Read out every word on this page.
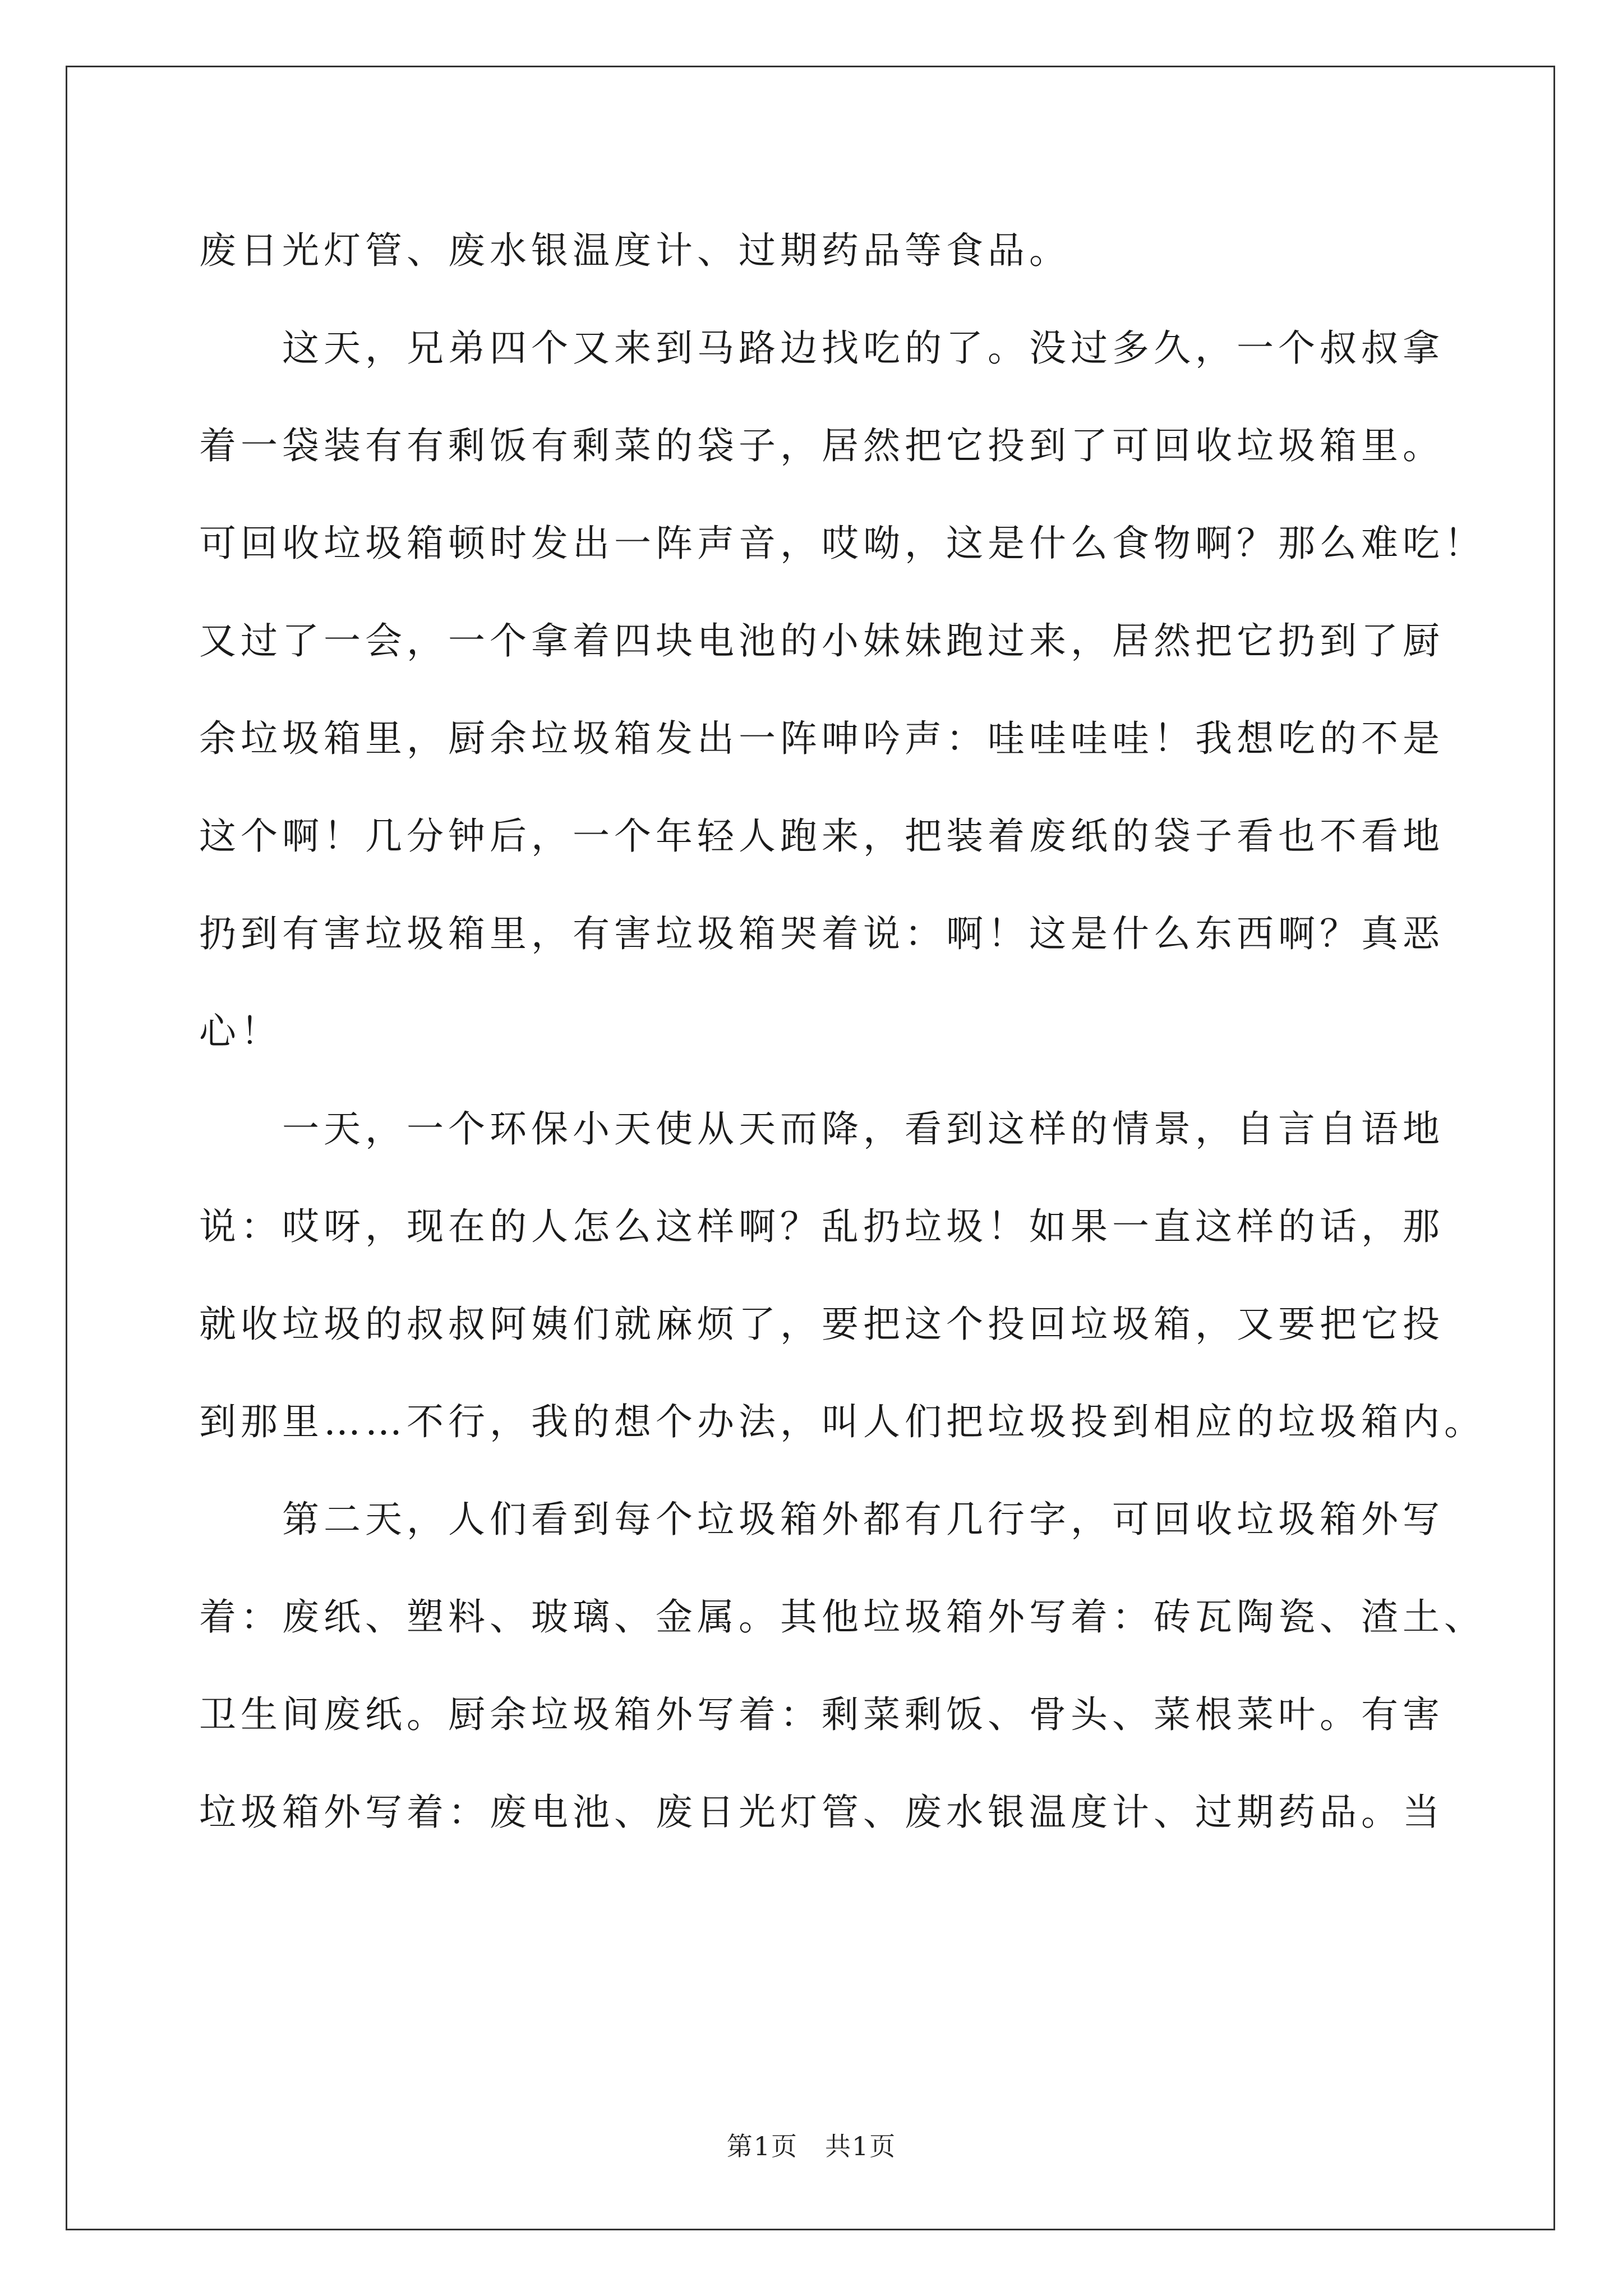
废日光灯管、废水银温度计、过期药品等食品。
这天，兄弟四个又来到马路边找吃的了。没过多久，一个叔叔拿
着一袋装有有剩饭有剩菜的袋子，居然把它投到了可回收垃圾箱里。
可回收垃圾箱顿时发出一阵声音，哎呦，这是什么食物啊？那么难吃！
又过了一会，一个拿着四块电池的小妹妹跑过来，居然把它扔到了厨
余垃圾箱里，厨余垃圾箱发出一阵呻吟声：哇哇哇哇！我想吃的不是
这个啊！几分钟后，一个年轻人跑来，把装着废纸的袋子看也不看地
扔到有害垃圾箱里，有害垃圾箱哭着说：啊！这是什么东西啊？真恶
心！
一天，一个环保小天使从天而降，看到这样的情景，自言自语地
说：哎呀，现在的人怎么这样啊？乱扔垃圾！如果一直这样的话，那
就收垃圾的叔叔阿姨们就麻烦了，要把这个投回垃圾箱，又要把它投
到那里……不行，我的想个办法，叫人们把垃圾投到相应的垃圾箱内。
第二天，人们看到每个垃圾箱外都有几行字，可回收垃圾箱外写
着：废纸、塑料、玻璃、金属。其他垃圾箱外写着：砖瓦陶瓷、渣土、
卫生间废纸。厨余垃圾箱外写着：剩菜剩饭、骨头、菜根菜叶。有害
垃圾箱外写着：废电池、废日光灯管、废水银温度计、过期药品。当
第1页 共1页
